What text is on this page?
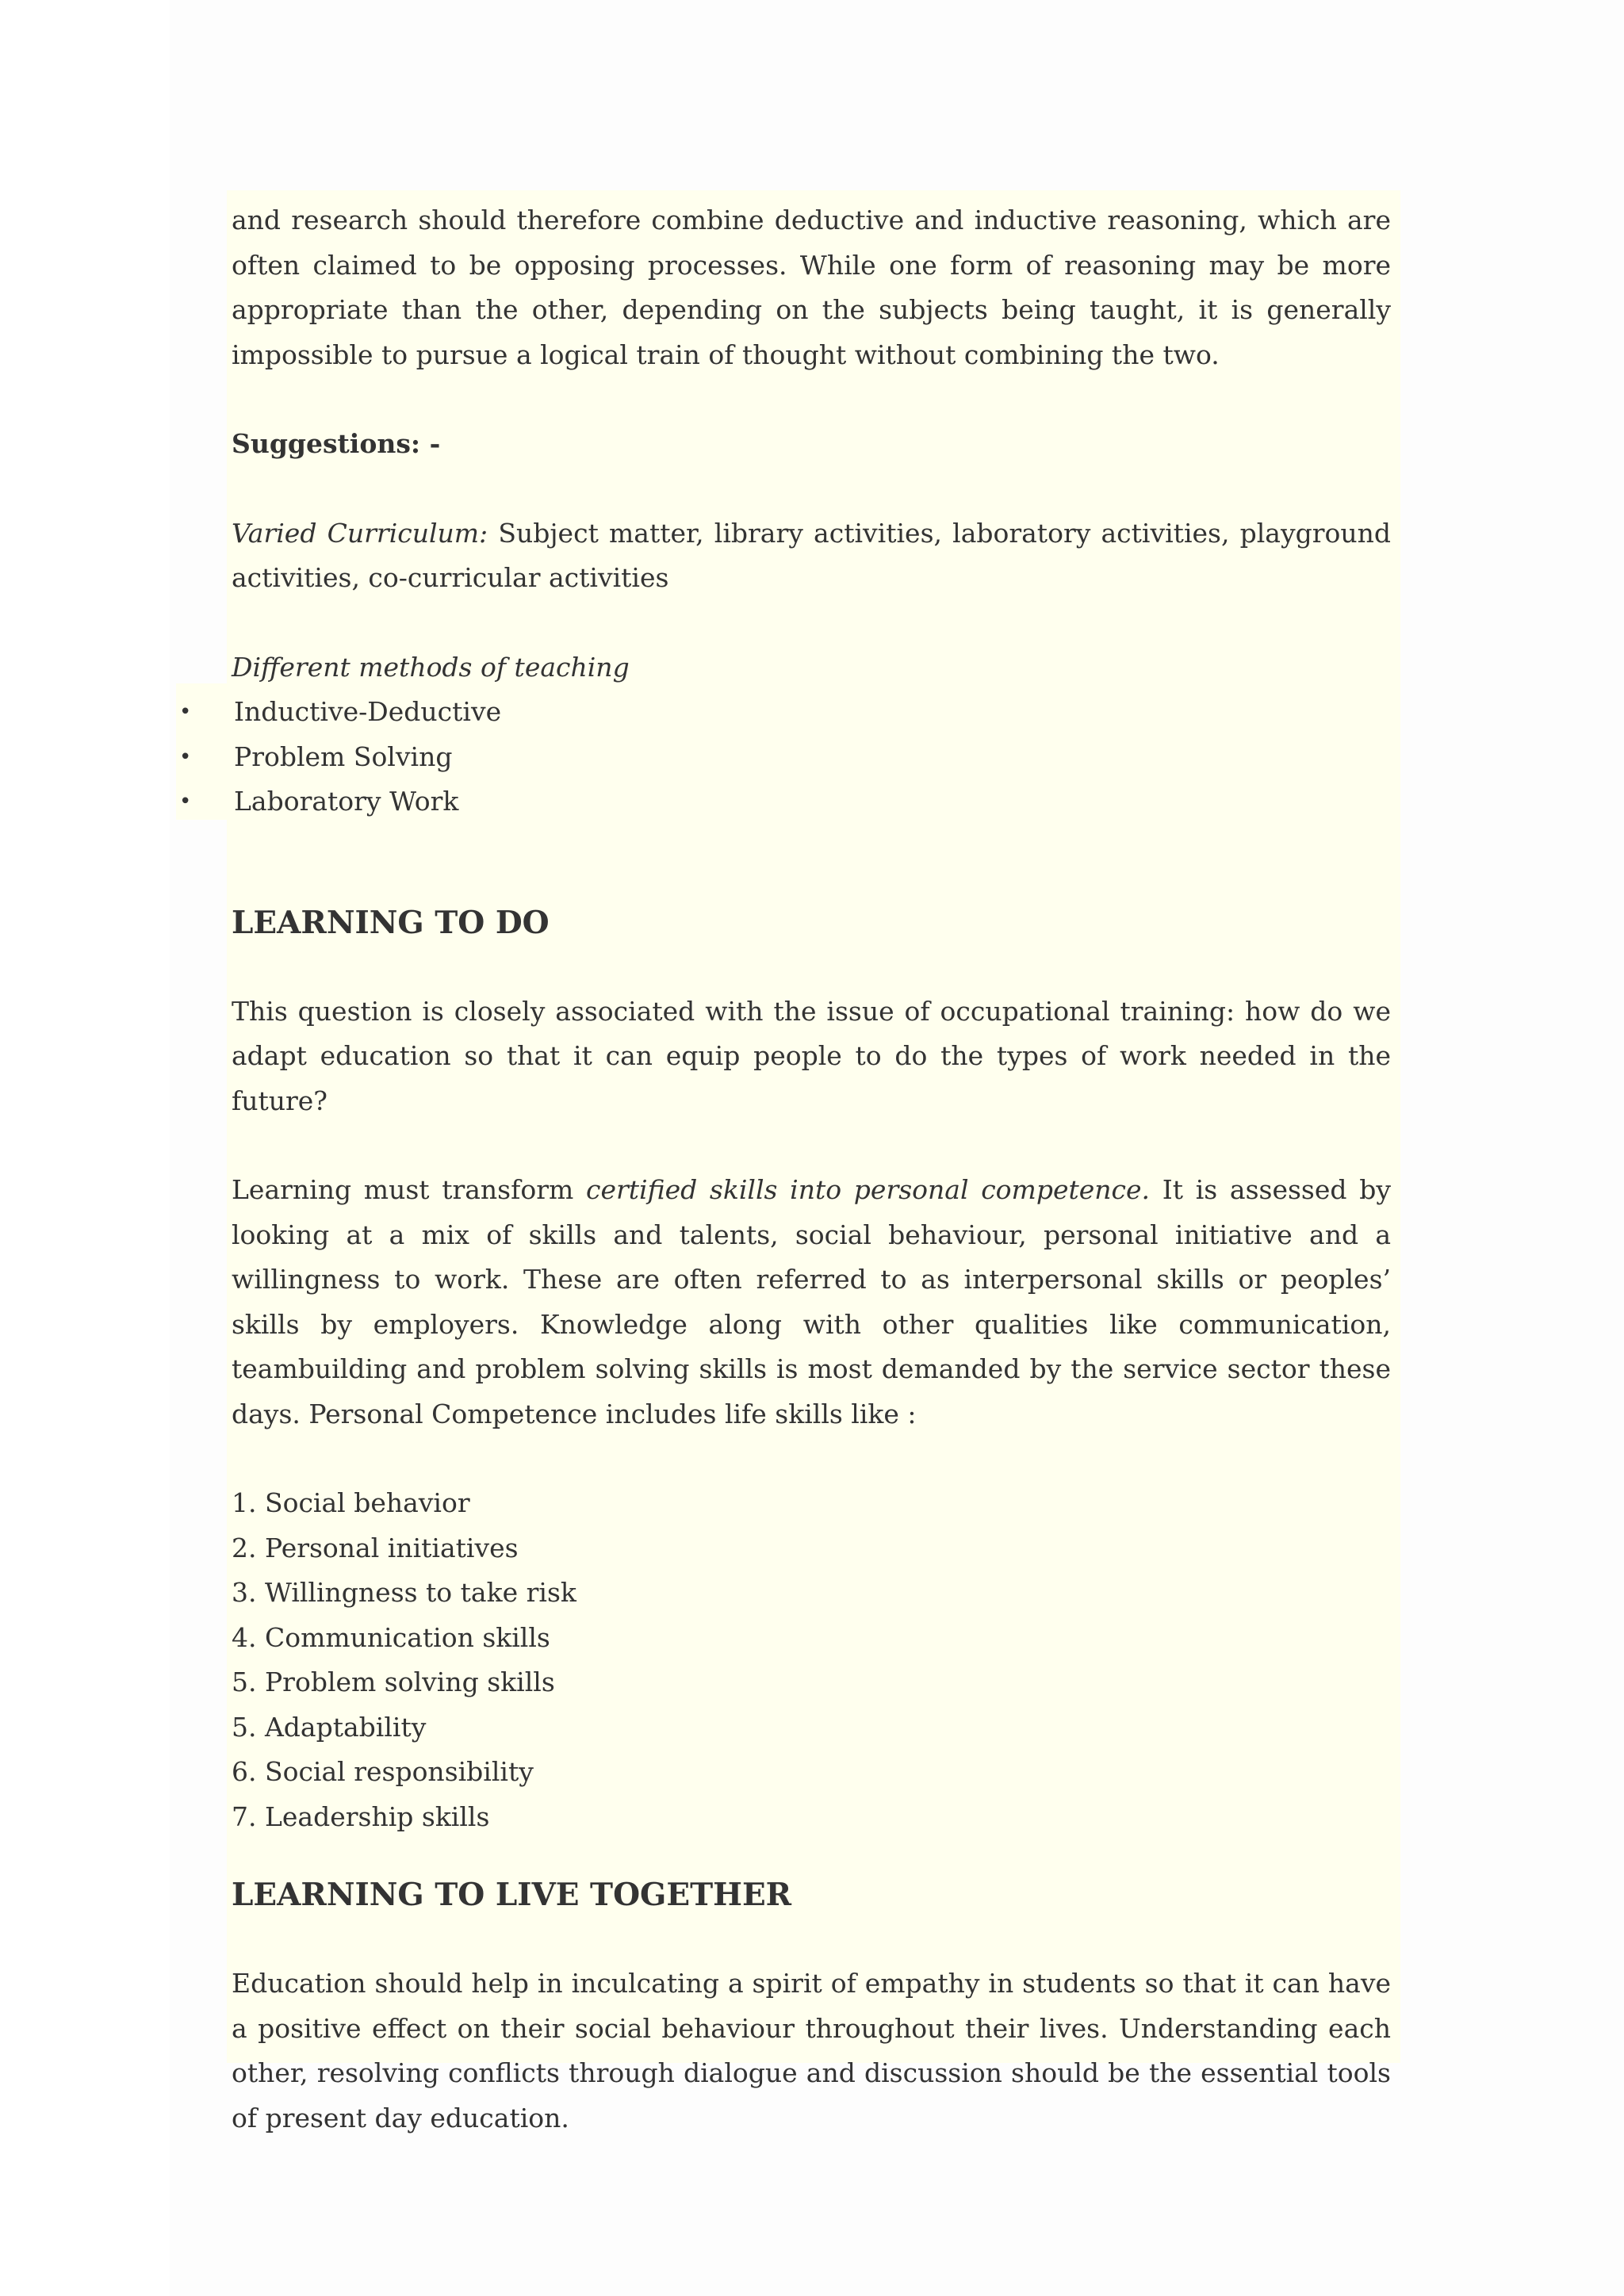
and research should therefore combine deductive and inductive reasoning, which are often claimed to be opposing processes. While one form of reasoning may be more appropriate than the other, depending on the subjects being taught, it is generally impossible to pursue a logical train of thought without combining the two.

Suggestions: -

Varied Curriculum: Subject matter, library activities, laboratory activities, playground activities, co-curricular activities

Different methods of teaching

• Inductive-Deductive
• Problem Solving
• Laboratory Work
LEARNING TO DO

This question is closely associated with the issue of occupational training: how do we adapt education so that it can equip people to do the types of work needed in the future?

Learning must transform certified skills into personal competence. It is assessed by looking at a mix of skills and talents, social behaviour, personal initiative and a willingness to work. These are often referred to as interpersonal skills or peoples’ skills by employers. Knowledge along with other qualities like communication, teambuilding and problem solving skills is most demanded by the service sector these days. Personal Competence includes life skills like :

1. Social behavior
2. Personal initiatives
3. Willingness to take risk
4. Communication skills
5. Problem solving skills
5. Adaptability
6. Social responsibility
7. Leadership skills
LEARNING TO LIVE TOGETHER

Education should help in inculcating a spirit of empathy in students so that it can have a positive effect on their social behaviour throughout their lives. Understanding each other, resolving conflicts through dialogue and discussion should be the essential tools of present day education.
